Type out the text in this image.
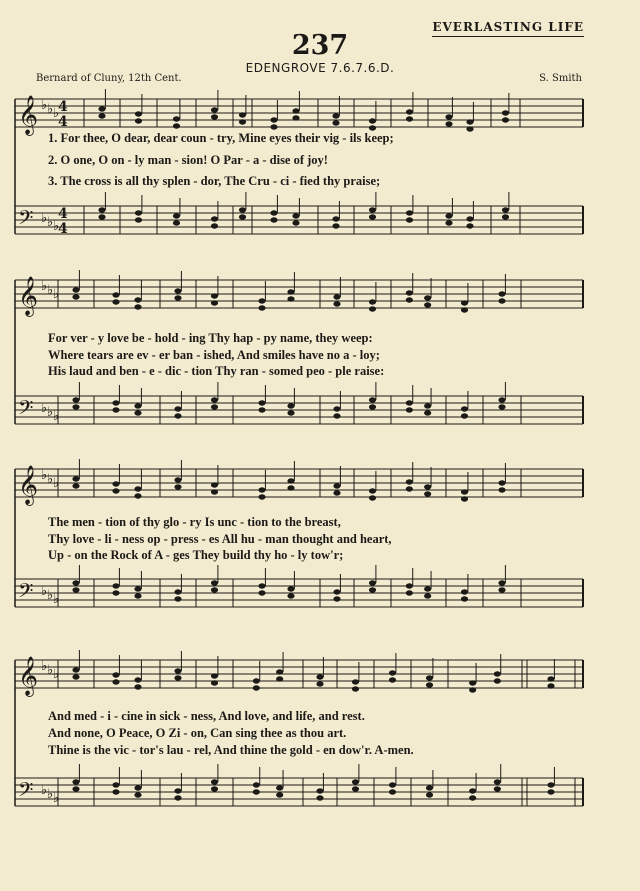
EVERLASTING LIFE
237
EDENGROVE 7.6.7.6.D.
Bernard of Cluny, 12th Cent.	S. Smith
𝄞 ♭ ♭ ♭
𝄢 ♭ ♭ ♭
4
4
4
4
𝄞 ♭ ♭ ♭
𝄢 ♭ ♭ ♭
𝄞 ♭ ♭ ♭
𝄢 ♭ ♭ ♭
𝄞 ♭ ♭ ♭
𝄢 ♭ ♭ ♭
1. For thee, O dear, dear coun - try, Mine eyes their vig - ils keep;
2. O one, O on - ly man - sion! O Par - a - dise of joy!
3. The cross is all thy splen - dor, The Cru - ci - fied thy praise;
For ver - y love be - hold - ing Thy hap - py name, they weep:
Where tears are ev - er ban - ished, And smiles have no a - loy;
His laud and ben - e - dic - tion Thy ran - somed peo - ple raise:
The men - tion of thy glo - ry Is unc - tion to the breast,
Thy love - li - ness op - press - es All hu - man thought and heart,
Up - on the Rock of A - ges They build thy ho - ly tow'r;
And med - i - cine in sick - ness, And love, and life, and rest.
And none, O Peace, O Zi - on, Can sing thee as thou art.
Thine is the vic - tor's lau - rel, And thine the gold - en dow'r. A-men.
